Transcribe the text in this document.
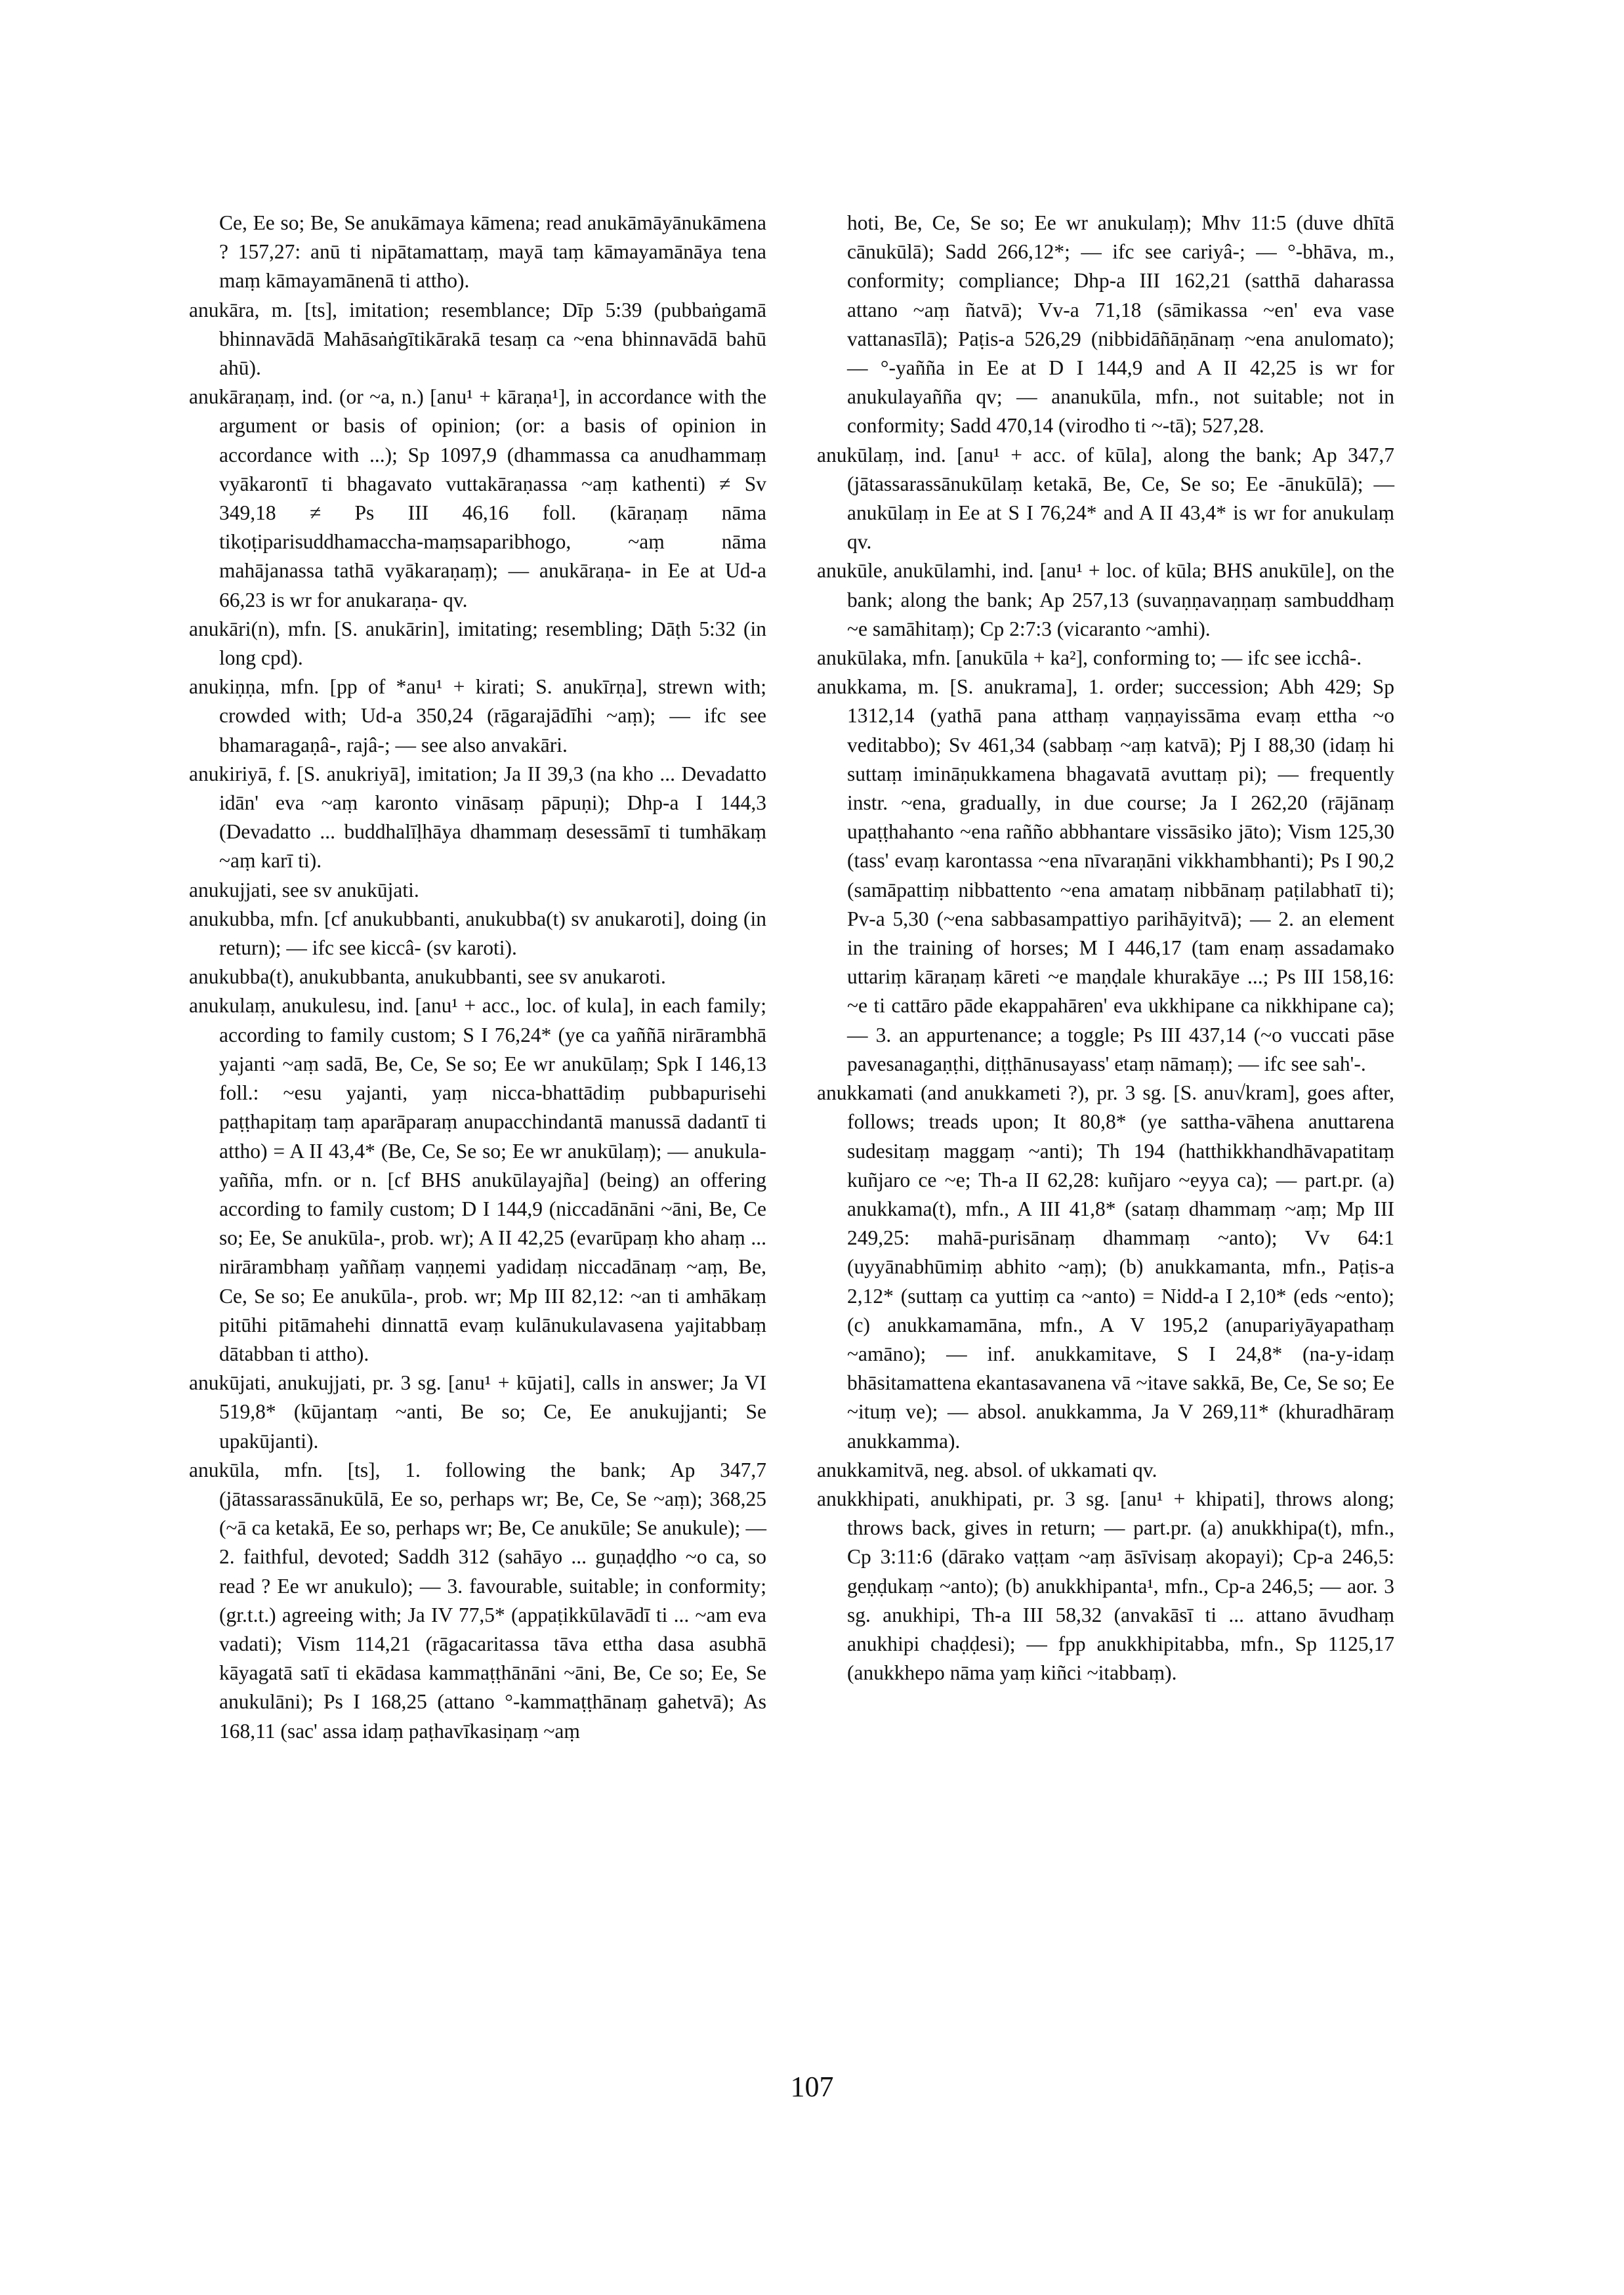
Ce, Ee so; Be, Se anukāmaya kāmena; read anukāmāyānukāmena ? 157,27: anū ti nipātamattaṃ, mayā taṃ kāmayamānāya tena maṃ kāmayamānenā ti attho).

anukāra, m. [ts], imitation; resemblance; Dīp 5:39 (pubbaṅgamā bhinnavādā Mahāsaṅgītikārakā tesaṃ ca ~ena bhinnavādā bahū ahū).

anukāraṇaṃ, ind. (or ~a, n.) [anu¹ + kāraṇa¹], in accordance with the argument or basis of opinion; (or: a basis of opinion in accordance with ...); Sp 1097,9 (dhammassa ca anudhammaṃ vyākarontī ti bhagavato vuttakāraṇassa ~aṃ kathenti) ≠ Sv 349,18 ≠ Ps III 46,16 foll. (kāraṇaṃ nāma tikoṭiparisuddhamaccha-maṃsaparibhogo, ~aṃ nāma mahājanassa tathā vyākaraṇaṃ); — anukāraṇa- in Ee at Ud-a 66,23 is wr for anukaraṇa- qv.

anukāri(n), mfn. [S. anukārin], imitating; resembling; Dāṭh 5:32 (in long cpd).

anukiṇṇa, mfn. [pp of *anu¹ + kirati; S. anukīrṇa], strewn with; crowded with; Ud-a 350,24 (rāgarajādīhi ~aṃ); — ifc see bhamaragaṇâ-, rajâ-; — see also anvakāri.

anukiriyā, f. [S. anukriyā], imitation; Ja II 39,3 (na kho ... Devadatto idān' eva ~aṃ karonto vināsaṃ pāpuṇi); Dhp-a I 144,3 (Devadatto ... buddhalīḷhāya dhammaṃ desessāmī ti tumhākaṃ ~aṃ karī ti).

anukujjati, see sv anukūjati.

anukubba, mfn. [cf anukubbanti, anukubba(t) sv anukaroti], doing (in return); — ifc see kiccâ- (sv karoti).

anukubba(t), anukubbanta, anukubbanti, see sv anukaroti.

anukulaṃ, anukulesu, ind. [anu¹ + acc., loc. of kula], in each family; according to family custom; S I 76,24* (ye ca yaññā nirārambhā yajanti ~aṃ sadā, Be, Ce, Se so; Ee wr anukūlaṃ; Spk I 146,13 foll.: ~esu yajanti, yaṃ nicca-bhattādiṃ pubbapurisehi paṭṭhapitaṃ taṃ aparāparaṃ anupacchindantā manussā dadantī ti attho) = A II 43,4* (Be, Ce, Se so; Ee wr anukūlaṃ); — anukula-yañña, mfn. or n. [cf BHS anukūlayajña] (being) an offering according to family custom; D I 144,9 (niccadānāni ~āni, Be, Ce so; Ee, Se anukūla-, prob. wr); A II 42,25 (evarūpaṃ kho ahaṃ ... nirārambhaṃ yaññaṃ vaṇṇemi yadidaṃ niccadānaṃ ~aṃ, Be, Ce, Se so; Ee anukūla-, prob. wr; Mp III 82,12: ~an ti amhākaṃ pitūhi pitāmahehi dinnattā evaṃ kulānukulavasena yajitabbaṃ dātabban ti attho).

anukūjati, anukujjati, pr. 3 sg. [anu¹ + kūjati], calls in answer; Ja VI 519,8* (kūjantaṃ ~anti, Be so; Ce, Ee anukujjanti; Se upakūjanti).

anukūla, mfn. [ts], 1. following the bank; Ap 347,7 (jātassarassānukūlā, Ee so, perhaps wr; Be, Ce, Se ~aṃ); 368,25 (~ā ca ketakā, Ee so, perhaps wr; Be, Ce anukūle; Se anukule); — 2. faithful, devoted; Saddh 312 (sahāyo ... guṇaḍḍho ~o ca, so read ? Ee wr anukulo); — 3. favourable, suitable; in conformity; (gr.t.t.) agreeing with; Ja IV 77,5* (appaṭikkūlavādī ti ... ~am eva vadati); Vism 114,21 (rāgacaritassa tāva ettha dasa asubhā kāyagatā satī ti ekādasa kammaṭṭhānāni ~āni, Be, Ce so; Ee, Se anukulāni); Ps I 168,25 (attano °-kammaṭṭhānaṃ gahetvā); As 168,11 (sac' assa idaṃ paṭhavīkasiṇaṃ ~aṃ

hoti, Be, Ce, Se so; Ee wr anukulaṃ); Mhv 11:5 (duve dhītā cānukūlā); Sadd 266,12*; — ifc see cariyâ-; — °-bhāva, m., conformity; compliance; Dhp-a III 162,21 (satthā daharassa attano ~aṃ ñatvā); Vv-a 71,18 (sāmikassa ~en' eva vase vattanasīlā); Paṭis-a 526,29 (nibbidāñāṇānaṃ ~ena anulomato); — °-yañña in Ee at D I 144,9 and A II 42,25 is wr for anukulayañña qv; — ananukūla, mfn., not suitable; not in conformity; Sadd 470,14 (virodho ti ~-tā); 527,28.

anukūlaṃ, ind. [anu¹ + acc. of kūla], along the bank; Ap 347,7 (jātassarassānukūlaṃ ketakā, Be, Ce, Se so; Ee -ānukūlā); — anukūlaṃ in Ee at S I 76,24* and A II 43,4* is wr for anukulaṃ qv.

anukūle, anukūlamhi, ind. [anu¹ + loc. of kūla; BHS anukūle], on the bank; along the bank; Ap 257,13 (suvaṇṇavaṇṇaṃ sambuddhaṃ ~e samāhitaṃ); Cp 2:7:3 (vicaranto ~amhi).

anukūlaka, mfn. [anukūla + ka²], conforming to; — ifc see icchâ-.

anukkama, m. [S. anukrama], 1. order; succession; Abh 429; Sp 1312,14 (yathā pana atthaṃ vaṇṇayissāma evaṃ ettha ~o veditabbo); Sv 461,34 (sabbaṃ ~aṃ katvā); Pj I 88,30 (idaṃ hi suttaṃ imināṇukkamena bhagavatā avuttaṃ pi); — frequently instr. ~ena, gradually, in due course; Ja I 262,20 (rājānaṃ upaṭṭhahanto ~ena rañño abbhantare vissāsiko jāto); Vism 125,30 (tass' evaṃ karontassa ~ena nīvaraṇāni vikkhambhanti); Ps I 90,2 (samāpattiṃ nibbattento ~ena amataṃ nibbānaṃ paṭilabhatī ti); Pv-a 5,30 (~ena sabbasampattiyo parihāyitvā); — 2. an element in the training of horses; M I 446,17 (tam enaṃ assadamako uttariṃ kāraṇaṃ kāreti ~e maṇḍale khurakāye ...; Ps III 158,16: ~e ti cattāro pāde ekappahāren' eva ukkhipane ca nikkhipane ca); — 3. an appurtenance; a toggle; Ps III 437,14 (~o vuccati pāse pavesanagaṇṭhi, diṭṭhānusayass' etaṃ nāmaṃ); — ifc see sah'-.

anukkamati (and anukkameti ?), pr. 3 sg. [S. anu√kram], goes after, follows; treads upon; It 80,8* (ye sattha-vāhena anuttarena sudesitaṃ maggaṃ ~anti); Th 194 (hatthikkhandhāvapatitaṃ kuñjaro ce ~e; Th-a II 62,28: kuñjaro ~eyya ca); — part.pr. (a) anukkama(t), mfn., A III 41,8* (sataṃ dhammaṃ ~aṃ; Mp III 249,25: mahā-purisānaṃ dhammaṃ ~anto); Vv 64:1 (uyyānabhūmiṃ abhito ~aṃ); (b) anukkamanta, mfn., Paṭis-a 2,12* (suttaṃ ca yuttiṃ ca ~anto) = Nidd-a I 2,10* (eds ~ento); (c) anukkamamāna, mfn., A V 195,2 (anupariyāyapathaṃ ~amāno); — inf. anukkamitave, S I 24,8* (na-y-idaṃ bhāsitamattena ekantasavanena vā ~itave sakkā, Be, Ce, Se so; Ee ~ituṃ ve); — absol. anukkamma, Ja V 269,11* (khuradhāraṃ anukkamma).

anukkamitvā, neg. absol. of ukkamati qv.

anukkhipati, anukhipati, pr. 3 sg. [anu¹ + khipati], throws along; throws back, gives in return; — part.pr. (a) anukkhipa(t), mfn., Cp 3:11:6 (dārako vaṭṭam ~aṃ āsīvisaṃ akopayi); Cp-a 246,5: geṇḍukaṃ ~anto); (b) anukkhipanta¹, mfn., Cp-a 246,5; — aor. 3 sg. anukhipi, Th-a III 58,32 (anvakāsī ti ... attano āvudhaṃ anukhipi chaḍḍesi); — fpp anukkhipitabba, mfn., Sp 1125,17 (anukkhepo nāma yaṃ kiñci ~itabbaṃ).

107
